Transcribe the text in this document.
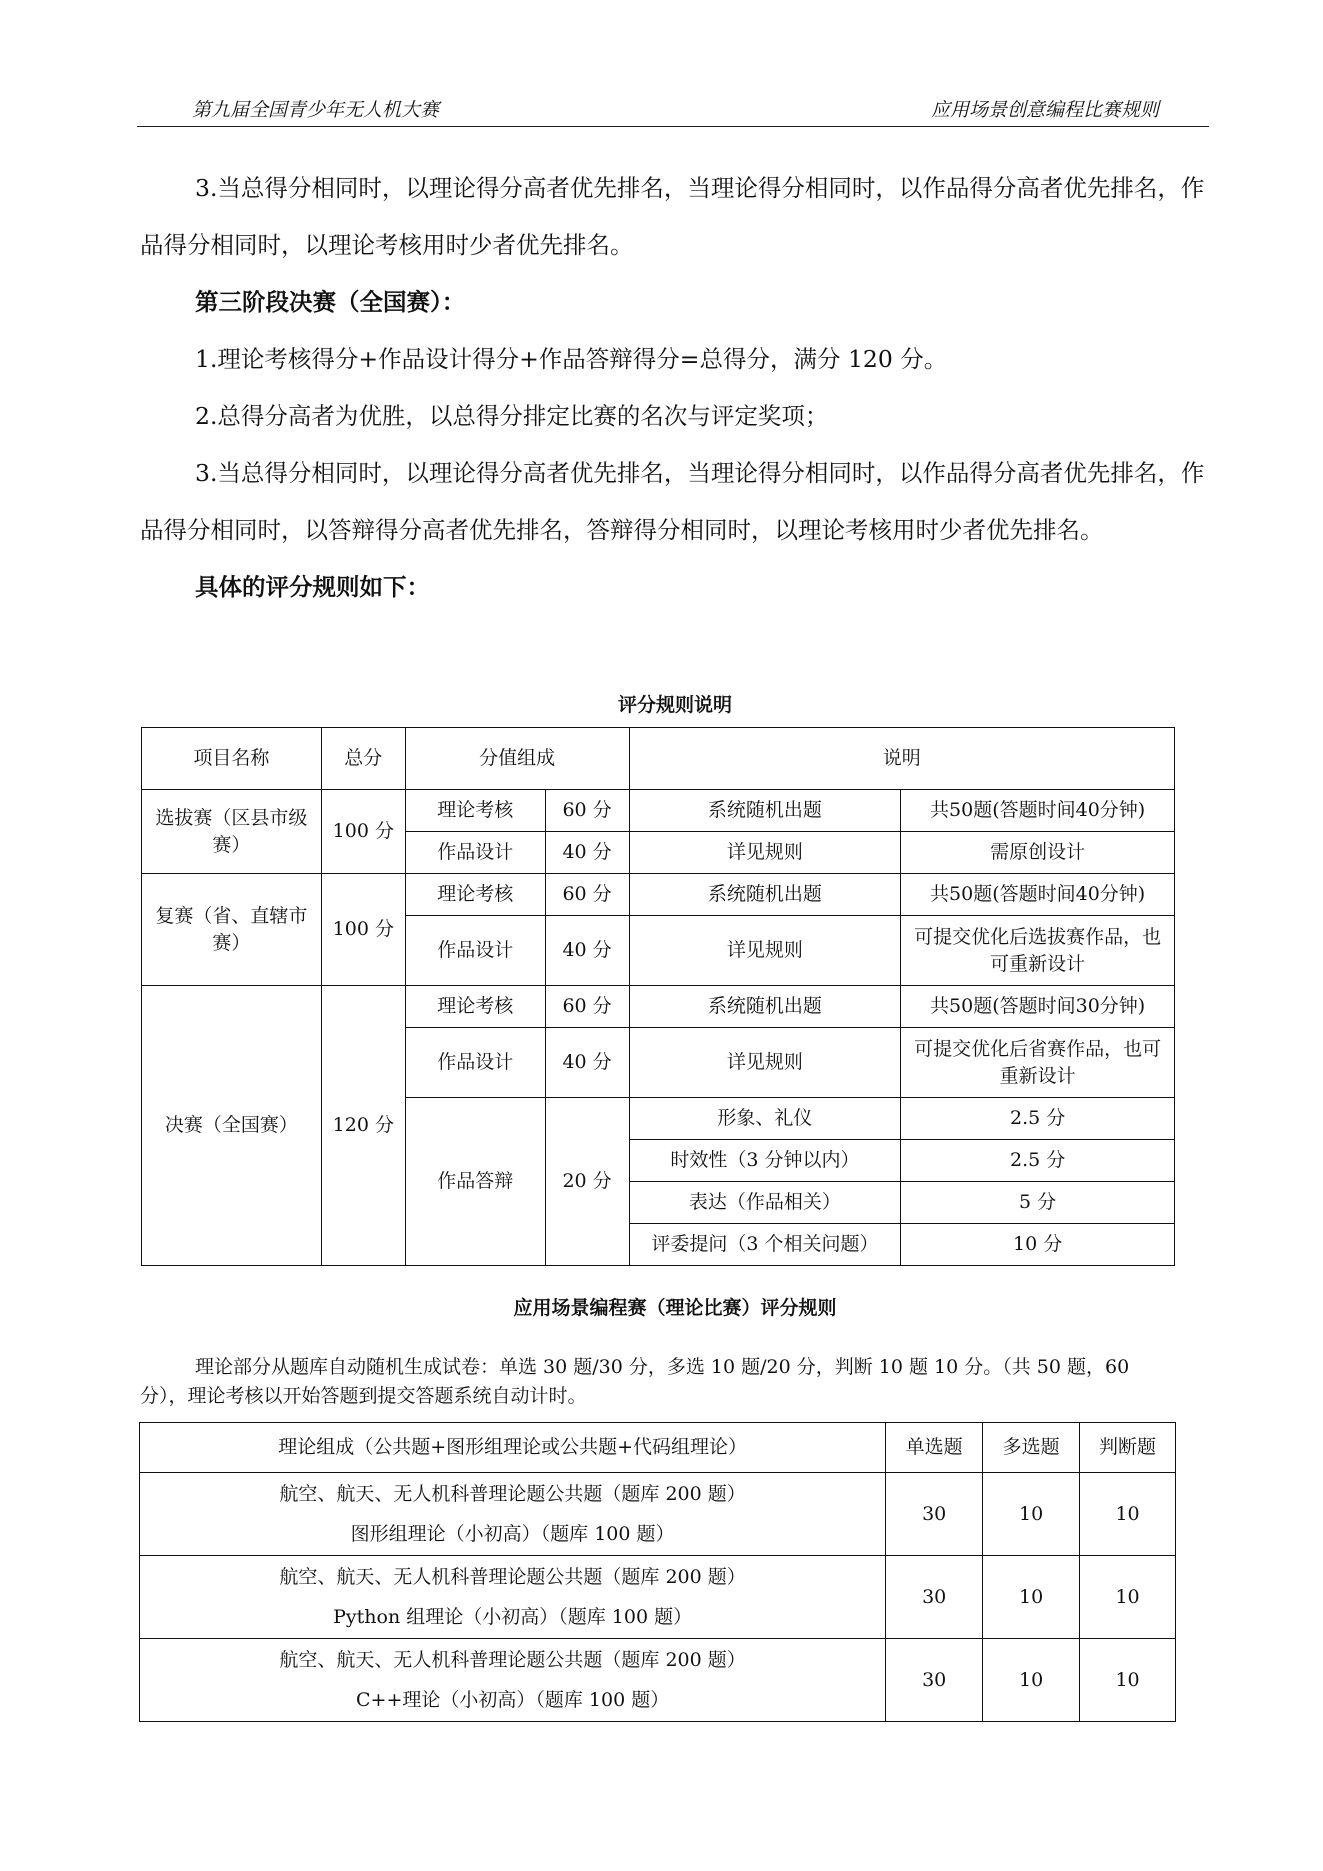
第九届全国青少年无人机大赛	应用场景创意编程比赛规则

3.当总得分相同时，以理论得分高者优先排名，当理论得分相同时，以作品得分高者优先排名，作品得分相同时，以理论考核用时少者优先排名。

第三阶段决赛（全国赛）：

1.理论考核得分+作品设计得分+作品答辩得分=总得分，满分 120 分。

2.总得分高者为优胜，以总得分排定比赛的名次与评定奖项；

3.当总得分相同时，以理论得分高者优先排名，当理论得分相同时，以作品得分高者优先排名，作品得分相同时，以答辩得分高者优先排名，答辩得分相同时，以理论考核用时少者优先排名。

具体的评分规则如下：

评分规则说明
项目名称	总分	分值组成		说明	
选拔赛（区县市级赛）	100 分	理论考核	60 分	系统随机出题	共50题(答题时间40分钟)
		作品设计	40 分	详见规则	需原创设计
复赛（省、直辖市赛）	100 分	理论考核	60 分	系统随机出题	共50题(答题时间40分钟)
		作品设计	40 分	详见规则	可提交优化后选拔赛作品，也可重新设计
决赛（全国赛）	120 分	理论考核	60 分	系统随机出题	共50题(答题时间30分钟)
		作品设计	40 分	详见规则	可提交优化后省赛作品，也可重新设计
		作品答辩	20 分	形象、礼仪	2.5 分
				时效性（3 分钟以内）	2.5 分
				表达（作品相关）	5 分
				评委提问（3 个相关问题）	10 分
应用场景编程赛（理论比赛）评分规则
理论部分从题库自动随机生成试卷：单选 30 题/30 分，多选 10 题/20 分，判断 10 题 10 分。（共 50 题，60 分），理论考核以开始答题到提交答题系统自动计时。
理论组成（公共题+图形组理论或公共题+代码组理论）	单选题	多选题	判断题

航空、航天、无人机科普理论题公共题（题库 200 题）
图形组理论（小初高）（题库 100 题）	30	10	10

航空、航天、无人机科普理论题公共题（题库 200 题）
Python 组理论（小初高）（题库 100 题）	30	10	10

航空、航天、无人机科普理论题公共题（题库 200 题）
C++理论（小初高）（题库 100 题）	30	10	10
